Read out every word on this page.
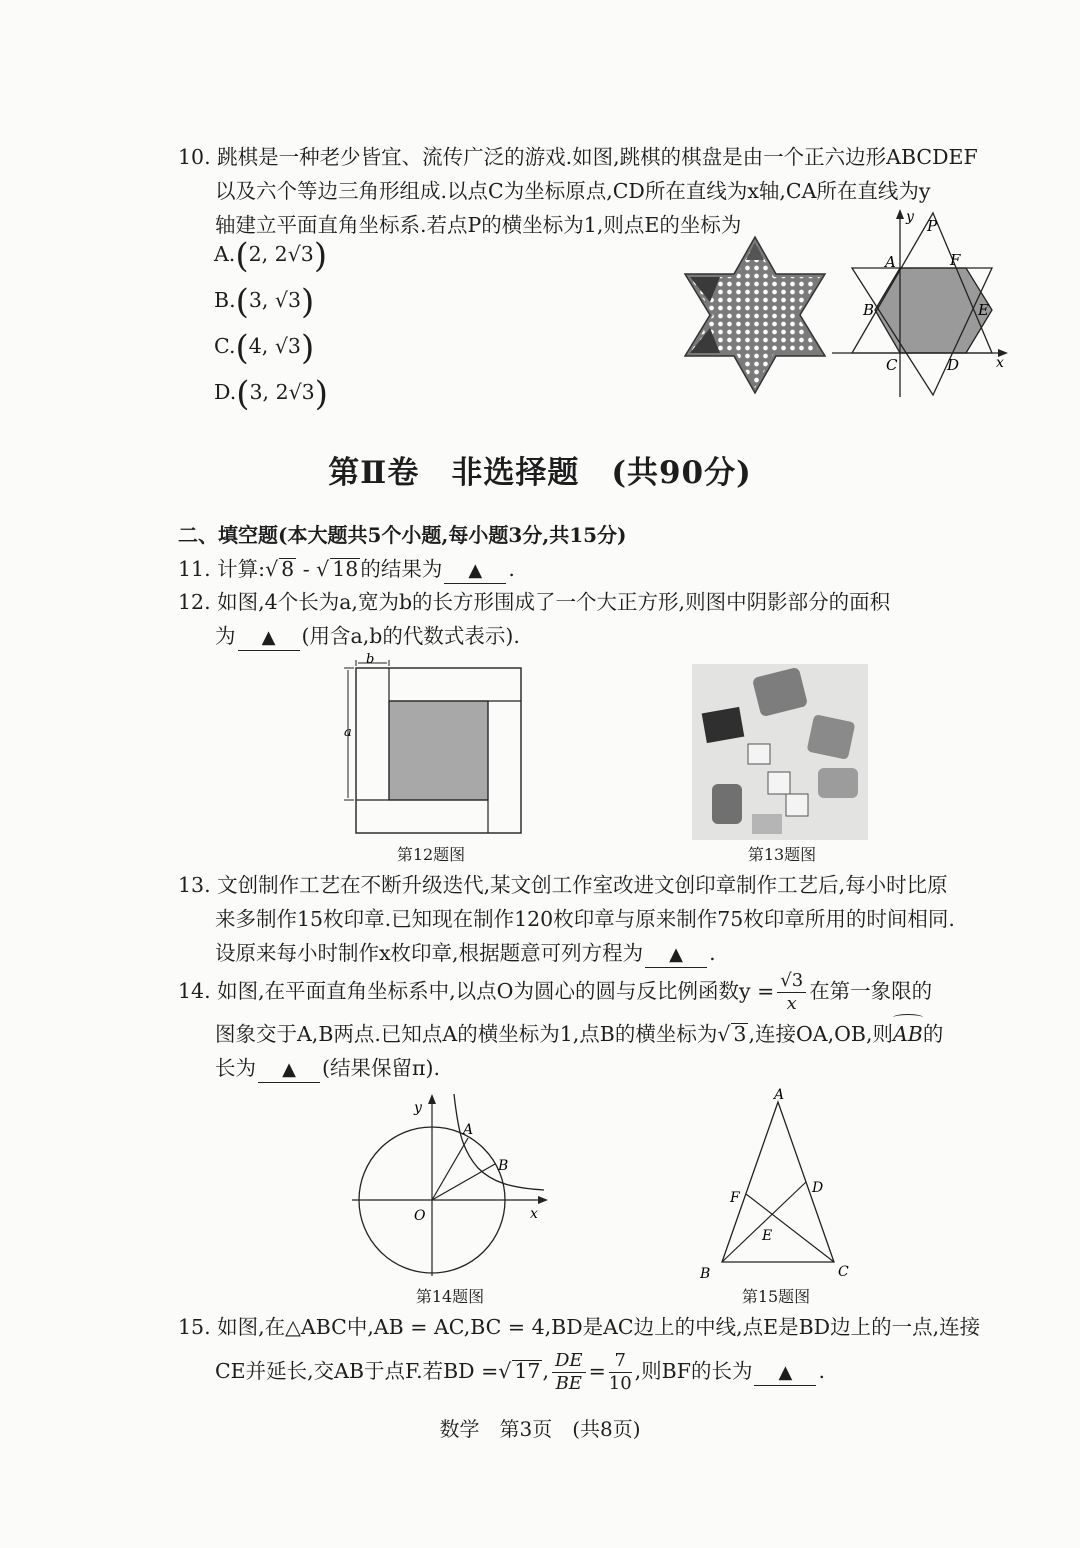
10. 跳棋是一种老少皆宜、流传广泛的游戏.如图,跳棋的棋盘是由一个正六边形ABCDEF
以及六个等边三角形组成.以点C为坐标原点,CD所在直线为x轴,CA所在直线为y
轴建立平面直角坐标系.若点P的横坐标为1,则点E的坐标为
A.(2, 2√3)
B.(3, √3)
C.(4, √3)
D.(3, 2√3)
y P
A	F
B	E
C	D	x
第Ⅱ卷　非选择题　(共90分)
二、填空题(本大题共5个小题,每小题3分,共15分)
11. 计算:√ 8 - √ 18的结果为 ▲ .
12. 如图,4个长为a,宽为b的长方形围成了一个大正方形,则图中阴影部分的面积
为 ▲ (用含a,b的代数式表示).
b
a
第12题图	第13题图
13. 文创制作工艺在不断升级迭代,某文创工作室改进文创印章制作工艺后,每小时比原
来多制作15枚印章.已知现在制作120枚印章与原来制作75枚印章所用的时间相同.
设原来每小时制作x枚印章,根据题意可列方程为 ▲ .
14. 如图,在平面直角坐标系中,以点O为圆心的圆与反比例函数$y = \frac{√3}{x}$ 在第一象限的
图象交于A,B两点.已知点A的横坐标为1,点B的横坐标为√ 3,连接OA,OB,则
AB的
长为 ▲ (结果保留π).
y
A
B
O	x
第14题图
A
D
F
E
B	C
第15题图
15. 如图,在△ABC中,AB = AC,BC = 4,BD是AC边上的中线,点E是BD边上的一点,连接
CE并延长,交AB于点F.若BD =√ 17, $\frac{DE}{BE} = \frac{7}{10}$ ,则BF的长为 ▲ .
数学　第3页　(共8页)
